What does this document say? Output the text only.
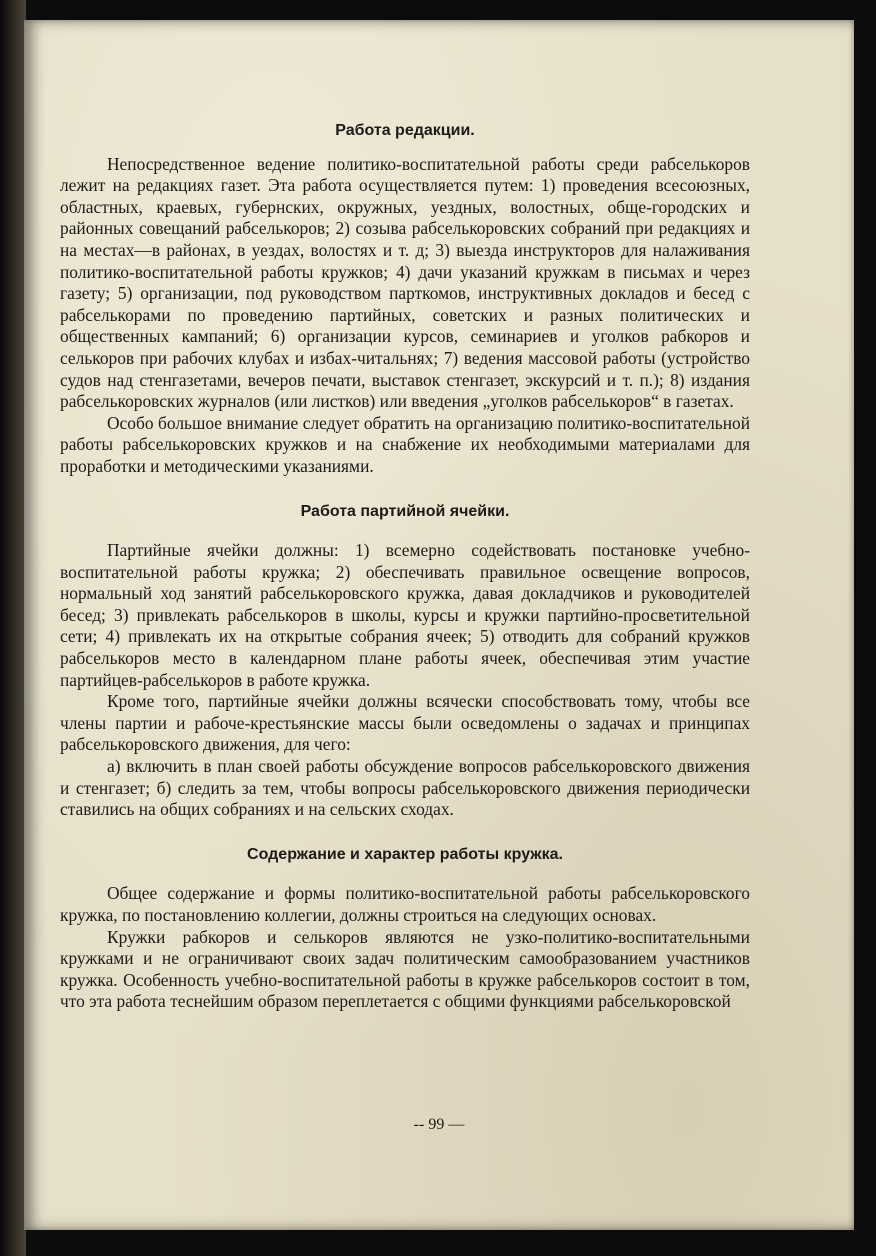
Работа редакции.

Непосредственное ведение политико-воспитательной работы среди рабселькоров лежит на редакциях газет. Эта работа осуществляется путем: 1) проведения всесоюзных, областных, краевых, губернских, окружных, уездных, волостных, обще-городских и районных совещаний рабселькоров; 2) созыва рабселькоровских собраний при редакциях и на местах—в районах, в уездах, волостях и т. д; 3) выезда инструкторов для налаживания политико-воспитательной работы кружков; 4) дачи указаний кружкам в письмах и через газету; 5) организации, под руководством парткомов, инструктивных докладов и бесед с рабселькорами по проведению партийных, советских и разных политических и общественных кампаний; 6) организации курсов, семинариев и уголков рабкоров и селькоров при рабочих клубах и избах-читальнях; 7) ведения массовой работы (устройство судов над стенгазетами, вечеров печати, выставок стенгазет, экскурсий и т. п.); 8) издания рабселькоровских журналов (или листков) или введения „уголков рабселькоров“ в газетах.

Особо большое внимание следует обратить на организацию политико-воспитательной работы рабселькоровских кружков и на снабжение их необходимыми материалами для проработки и методическими указаниями.

Работа партийной ячейки.

Партийные ячейки должны: 1) всемерно содействовать постановке учебно-воспитательной работы кружка; 2) обеспечивать правильное освещение вопросов, нормальный ход занятий рабселькоровского кружка, давая докладчиков и руководителей бесед; 3) привлекать рабселькоров в школы, курсы и кружки партийно-просветительной сети; 4) привлекать их на открытые собрания ячеек; 5) отводить для собраний кружков рабселькоров место в календарном плане работы ячеек, обеспечивая этим участие партийцев-рабселькоров в работе кружка.

Кроме того, партийные ячейки должны всячески способствовать тому, чтобы все члены партии и рабоче-крестьянские массы были осведомлены о задачах и принципах рабселькоровского движения, для чего:

а) включить в план своей работы обсуждение вопросов рабселькоровского движения и стенгазет; б) следить за тем, чтобы вопросы рабселькоровского движения периодически ставились на общих собраниях и на сельских сходах.

Содержание и характер работы кружка.

Общее содержание и формы политико-воспитательной работы рабселькоровского кружка, по постановлению коллегии, должны строиться на следующих основах.

Кружки рабкоров и селькоров являются не узко-политико-воспитательными кружками и не ограничивают своих задач политическим самообразованием участников кружка. Особенность учебно-воспитательной работы в кружке рабселькоров состоит в том, что эта работа теснейшим образом переплетается с общими функциями рабселькоровской

-- 99 —
